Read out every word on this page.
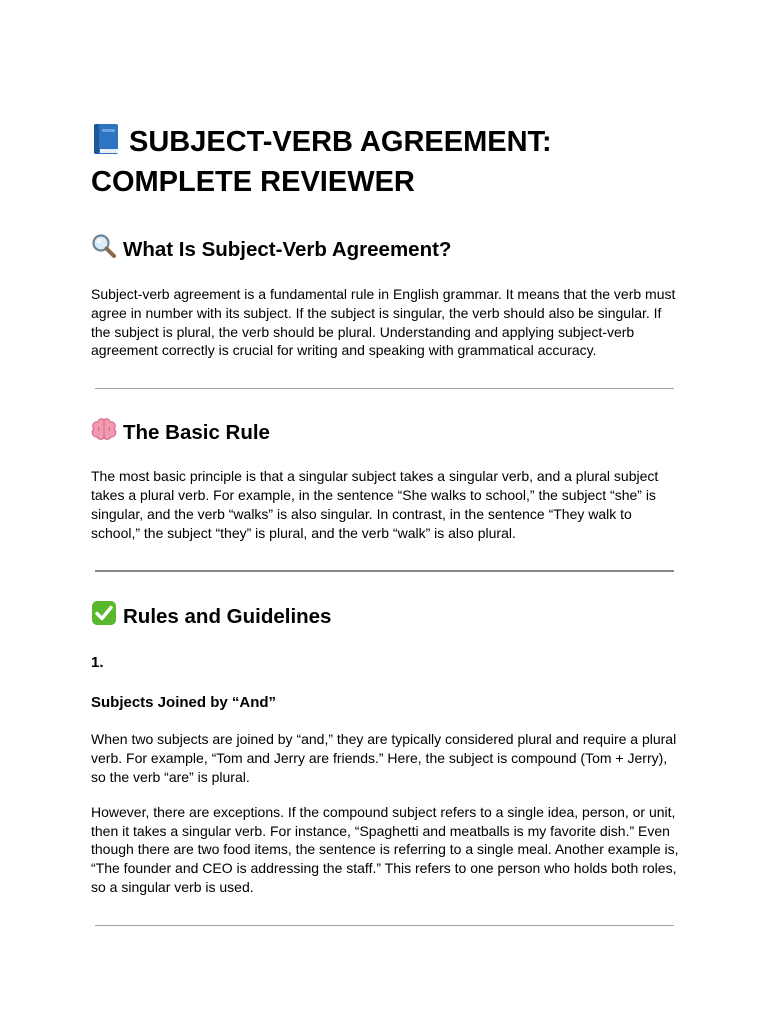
SUBJECT-VERB AGREEMENT:
COMPLETE REVIEWER
What Is Subject-Verb Agreement?

Subject-verb agreement is a fundamental rule in English grammar. It means that the verb must agree in number with its subject. If the subject is singular, the verb should also be singular. If the subject is plural, the verb should be plural. Understanding and applying subject-verb agreement correctly is crucial for writing and speaking with grammatical accuracy.

The Basic Rule

The most basic principle is that a singular subject takes a singular verb, and a plural subject takes a plural verb. For example, in the sentence “She walks to school,” the subject “she” is singular, and the verb “walks” is also singular. In contrast, in the sentence “They walk to school,” the subject “they” is plural, and the verb “walk” is also plural.

Rules and Guidelines
1.
Subjects Joined by “And”

When two subjects are joined by “and,” they are typically considered plural and require a plural verb. For example, “Tom and Jerry are friends.” Here, the subject is compound (Tom + Jerry), so the verb “are” is plural.

However, there are exceptions. If the compound subject refers to a single idea, person, or unit, then it takes a singular verb. For instance, “Spaghetti and meatballs is my favorite dish.” Even though there are two food items, the sentence is referring to a single meal. Another example is, “The founder and CEO is addressing the staff.” This refers to one person who holds both roles, so a singular verb is used.
